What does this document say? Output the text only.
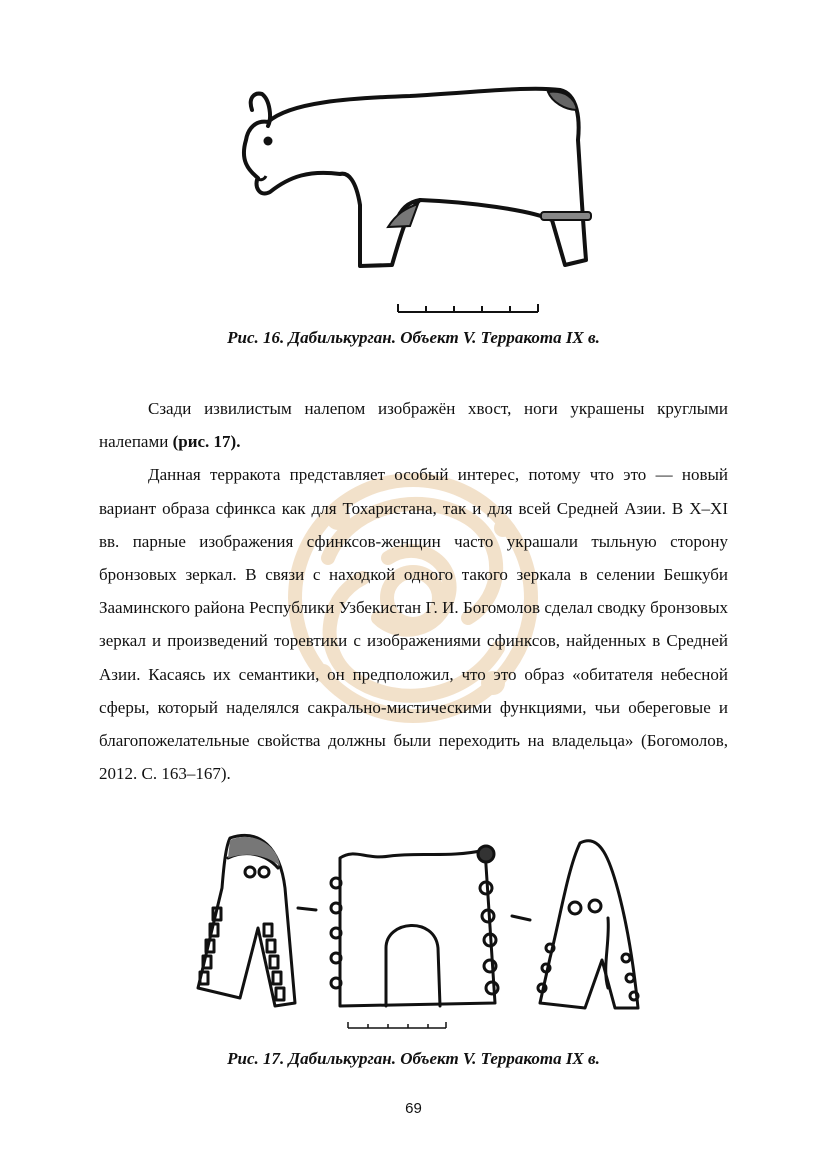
Рис. 16. Дабилькурган. Объект V. Терракота IX в.

Сзади извилистым налепом изображён хвост, ноги украшены круглыми налепами (рис. 17).

Данная терракота представляет особый интерес, потому что это — новый вариант образа сфинкса как для Тохаристана, так и для всей Средней Азии. В X–XI вв. парные изображения сфинксов-женщин часто украшали тыльную сторону бронзовых зеркал. В связи с находкой одного такого зеркала в селении Бешкуби Зааминского района Республики Узбекистан Г. И. Богомолов сделал сводку бронзовых зеркал и произведений торевтики с изображениями сфинксов, найденных в Средней Азии. Касаясь их семантики, он предположил, что это образ «обитателя небесной сферы, который наделялся сакрально-мистическими функциями, чьи обереговые и благопожелательные свойства должны были переходить на владельца» (Богомолов, 2012. С. 163–167).

Рис. 17. Дабилькурган. Объект V. Терракота IX в.
69
